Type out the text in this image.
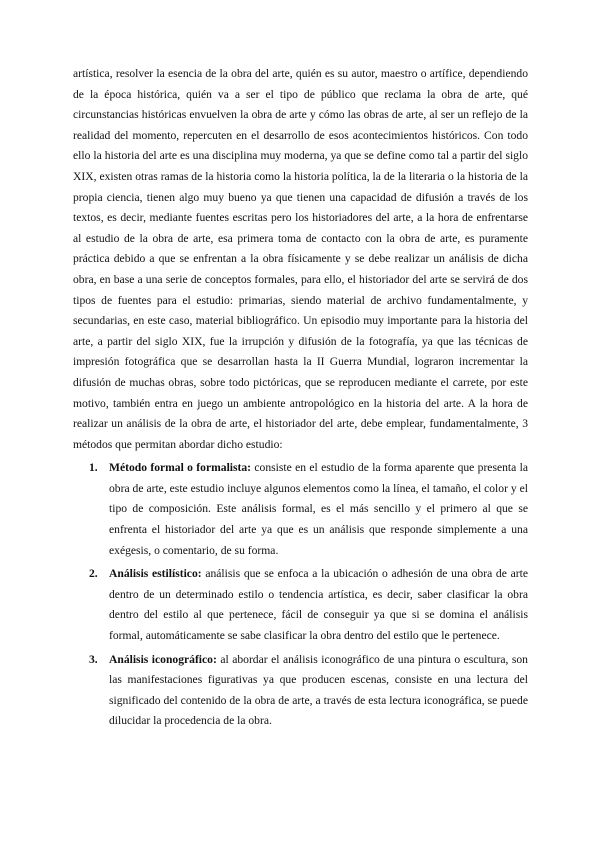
artística, resolver la esencia de la obra del arte, quién es su autor, maestro o artífice, dependiendo de la época histórica, quién va a ser el tipo de público que reclama la obra de arte, qué circunstancias históricas envuelven la obra de arte y cómo las obras de arte, al ser un reflejo de la realidad del momento, repercuten en el desarrollo de esos acontecimientos históricos. Con todo ello la historia del arte es una disciplina muy moderna, ya que se define como tal a partir del siglo XIX, existen otras ramas de la historia como la historia política, la de la literaria o la historia de la propia ciencia, tienen algo muy bueno ya que tienen una capacidad de difusión a través de los textos, es decir, mediante fuentes escritas pero los historiadores del arte, a la hora de enfrentarse al estudio de la obra de arte, esa primera toma de contacto con la obra de arte, es puramente práctica debido a que se enfrentan a la obra físicamente y se debe realizar un análisis de dicha obra, en base a una serie de conceptos formales, para ello, el historiador del arte se servirá de dos tipos de fuentes para el estudio: primarias, siendo material de archivo fundamentalmente, y secundarias, en este caso, material bibliográfico. Un episodio muy importante para la historia del arte, a partir del siglo XIX, fue la irrupción y difusión de la fotografía, ya que las técnicas de impresión fotográfica que se desarrollan hasta la II Guerra Mundial, lograron incrementar la difusión de muchas obras, sobre todo pictóricas, que se reproducen mediante el carrete, por este motivo, también entra en juego un ambiente antropológico en la historia del arte. A la hora de realizar un análisis de la obra de arte, el historiador del arte, debe emplear, fundamentalmente, 3 métodos que permitan abordar dicho estudio:

1. Método formal o formalista: consiste en el estudio de la forma aparente que presenta la obra de arte, este estudio incluye algunos elementos como la línea, el tamaño, el color y el tipo de composición. Este análisis formal, es el más sencillo y el primero al que se enfrenta el historiador del arte ya que es un análisis que responde simplemente a una exégesis, o comentario, de su forma.
2. Análisis estilístico: análisis que se enfoca a la ubicación o adhesión de una obra de arte dentro de un determinado estilo o tendencia artística, es decir, saber clasificar la obra dentro del estilo al que pertenece, fácil de conseguir ya que si se domina el análisis formal, automáticamente se sabe clasificar la obra dentro del estilo que le pertenece.
3. Análisis iconográfico: al abordar el análisis iconográfico de una pintura o escultura, son las manifestaciones figurativas ya que producen escenas, consiste en una lectura del significado del contenido de la obra de arte, a través de esta lectura iconográfica, se puede dilucidar la procedencia de la obra.
